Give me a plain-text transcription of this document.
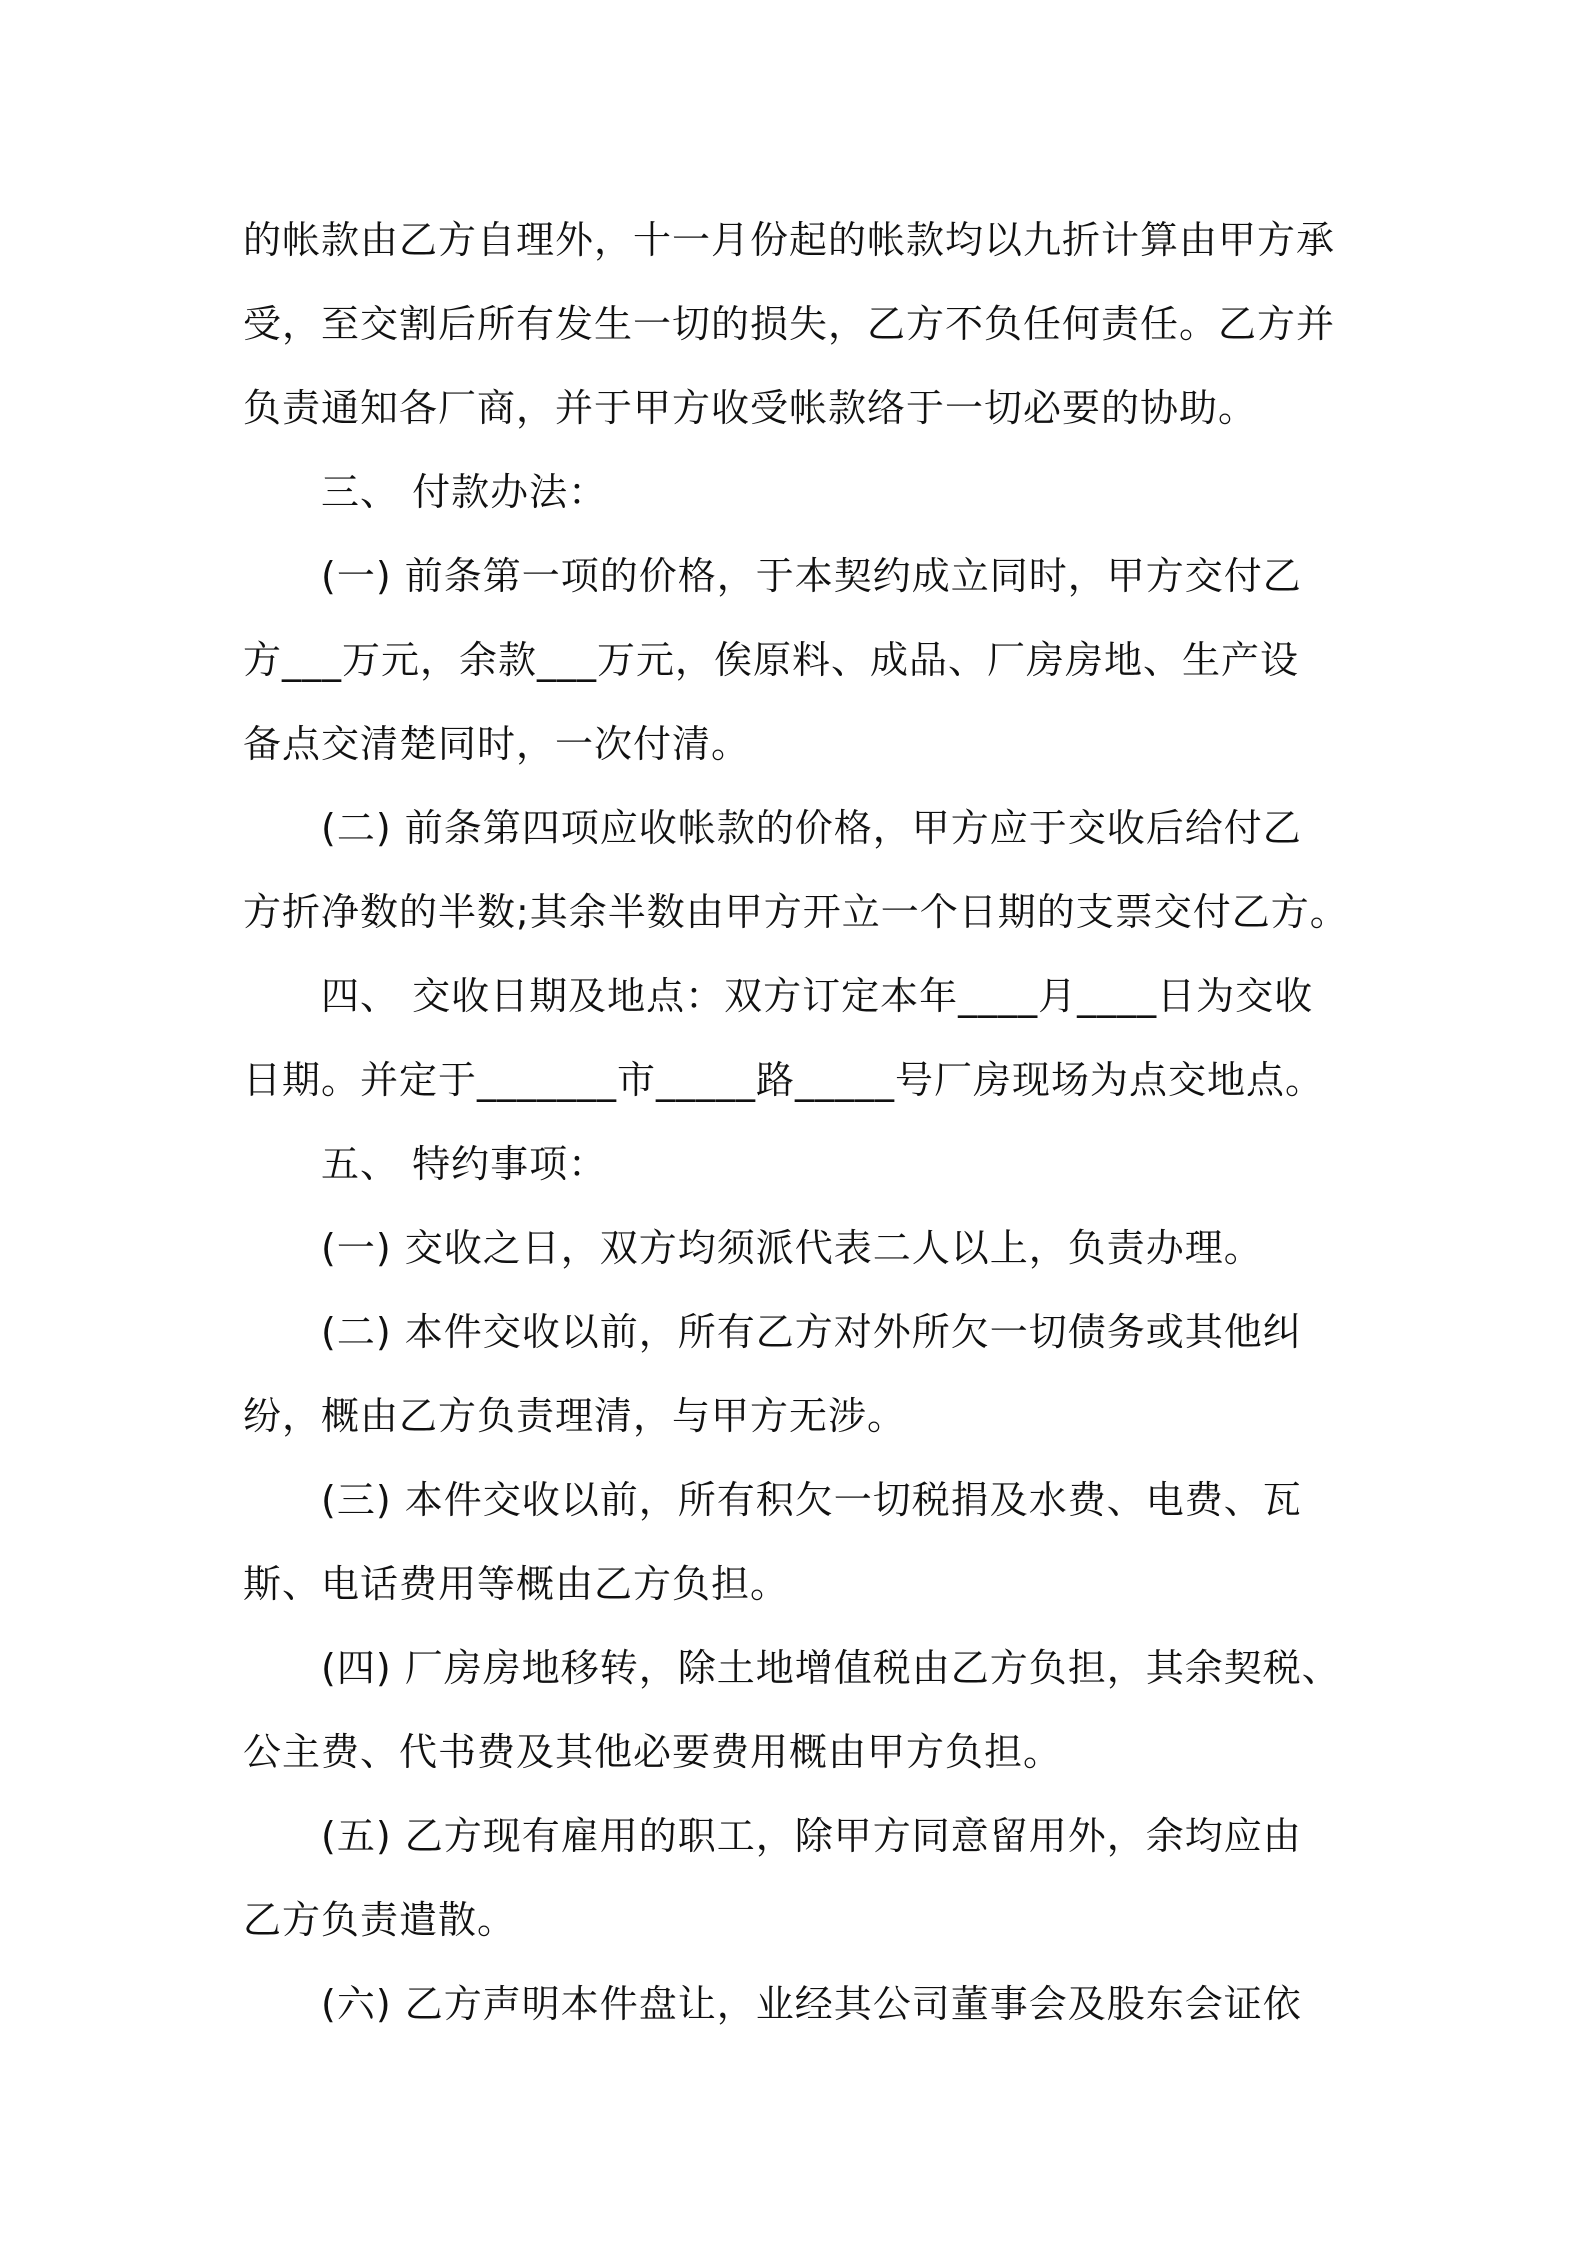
的帐款由乙方自理外，十一月份起的帐款均以九折计算由甲方承
受，至交割后所有发生一切的损失，乙方不负任何责任。乙方并
负责通知各厂商，并于甲方收受帐款络于一切必要的协助。
三、 付款办法：
(一) 前条第一项的价格，于本契约成立同时，甲方交付乙
方___万元，余款___万元，俟原料、成品、厂房房地、生产设
备点交清楚同时，一次付清。
(二) 前条第四项应收帐款的价格，甲方应于交收后给付乙
方折净数的半数;其余半数由甲方开立一个日期的支票交付乙方。
四、 交收日期及地点：双方订定本年____月____日为交收
日期。并定于_______市_____路_____号厂房现场为点交地点。
五、 特约事项：
(一) 交收之日，双方均须派代表二人以上，负责办理。
(二) 本件交收以前，所有乙方对外所欠一切债务或其他纠
纷，概由乙方负责理清，与甲方无涉。
(三) 本件交收以前，所有积欠一切税捐及水费、电费、瓦
斯、电话费用等概由乙方负担。
(四) 厂房房地移转，除土地增值税由乙方负担，其余契税、
公主费、代书费及其他必要费用概由甲方负担。
(五) 乙方现有雇用的职工，除甲方同意留用外，余均应由
乙方负责遣散。
(六) 乙方声明本件盘让，业经其公司董事会及股东会证依
